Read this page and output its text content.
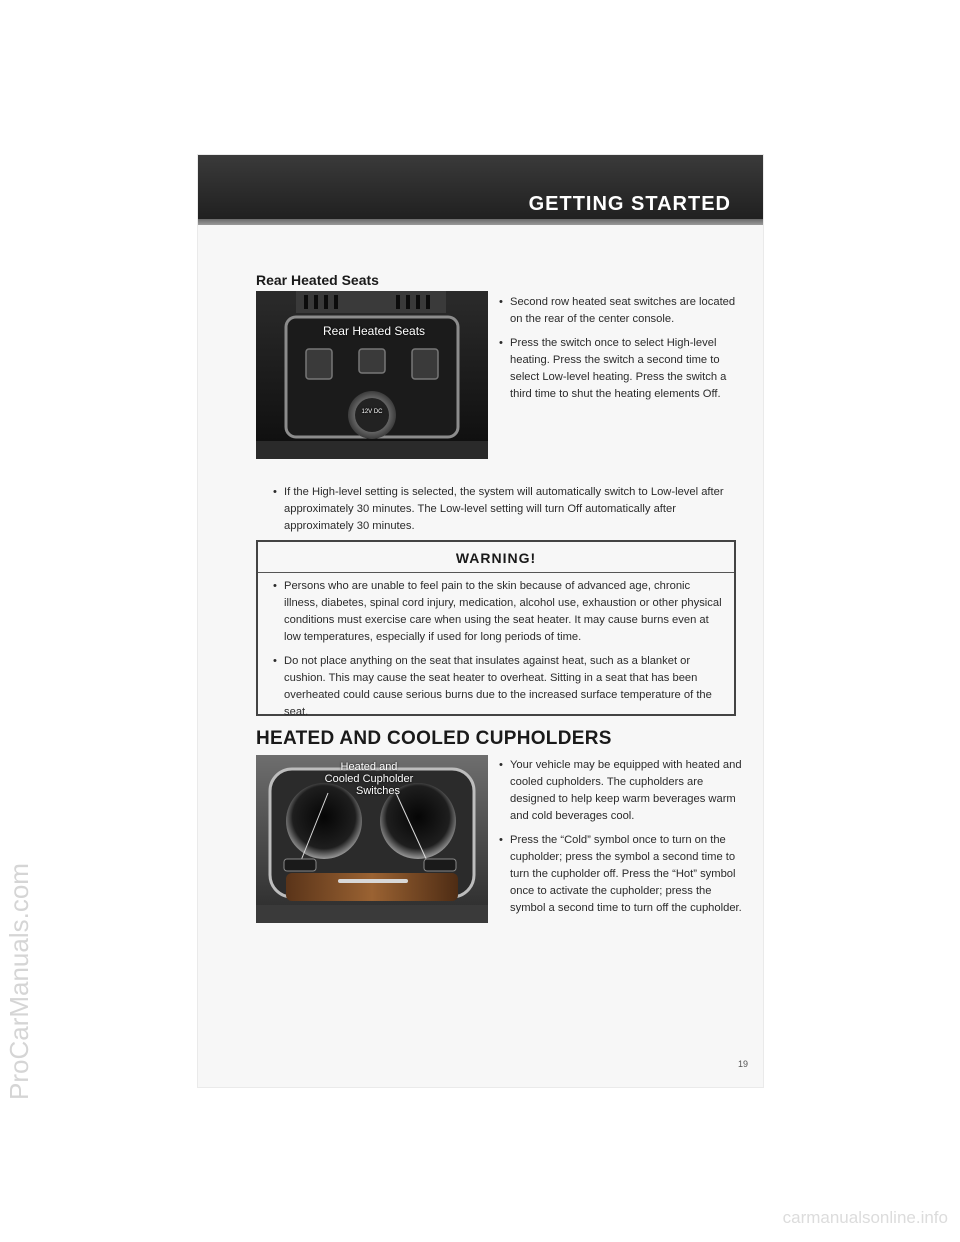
GETTING STARTED
Rear Heated Seats
Rear Heated Seats
12V DC
• Second row heated seat switches are located on the rear of the center console.
• Press the switch once to select High-level heating. Press the switch a second time to select Low-level heating. Press the switch a third time to shut the heating elements Off.
• If the High-level setting is selected, the system will automatically switch to Low-level after approximately 30 minutes. The Low-level setting will turn Off automatically after approximately 30 minutes.
WARNING!
• Persons who are unable to feel pain to the skin because of advanced age, chronic illness, diabetes, spinal cord injury, medication, alcohol use, exhaustion or other physical conditions must exercise care when using the seat heater. It may cause burns even at low temperatures, especially if used for long periods of time.
• Do not place anything on the seat that insulates against heat, such as a blanket or cushion. This may cause the seat heater to overheat. Sitting in a seat that has been overheated could cause serious burns due to the increased surface temperature of the seat.
HEATED AND COOLED CUPHOLDERS
Heated and
Cooled Cupholder
Switches
• Your vehicle may be equipped with heated and cooled cupholders. The cupholders are designed to help keep warm beverages warm and cold beverages cool.
• Press the “Cold” symbol once to turn on the cupholder; press the symbol a second time to turn the cupholder off. Press the “Hot” symbol once to activate the cupholder; press the symbol a second time to turn off the cupholder.
19
ProCarManuals.com
carmanualsonline.info
